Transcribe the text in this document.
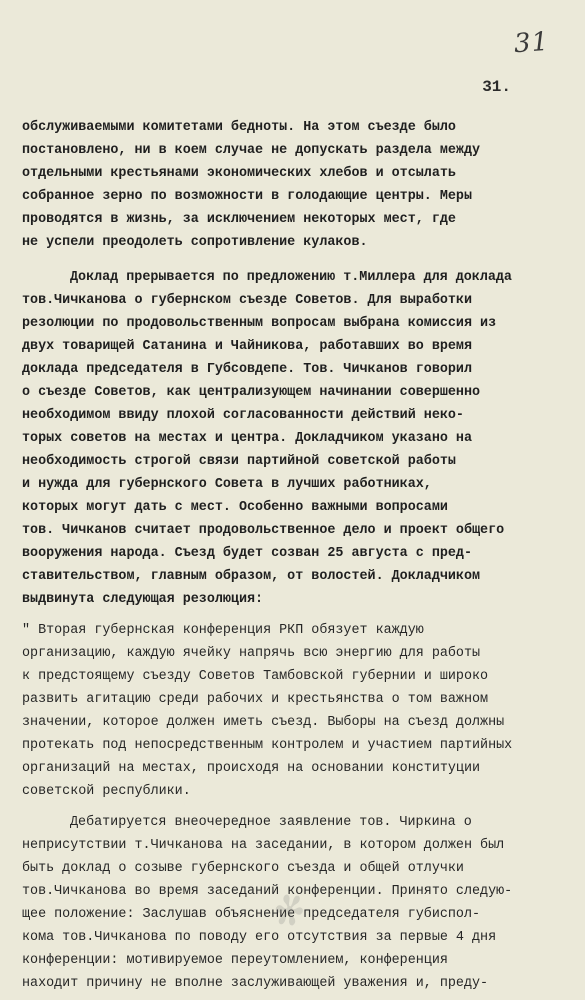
31
31.
обслуживаемыми комитетами бедноты. На этом съезде было
постановлено, ни в коем случае не допускать раздела между
отдельными крестьянами экономических хлебов и отсылать
собранное зерно по возможности в голодающие центры. Меры
проводятся в жизнь, за исключением некоторых мест, где
не успели преодолеть сопротивление кулаков.
Доклад прерывается по предложению т.Миллера для доклада
тов.Чичканова о губернском съезде Советов. Для выработки
резолюции по продовольственным вопросам выбрана комиссия из
двух товарищей Сатанина и Чайникова, работавших во время
доклада председателя в Губсовдепе. Тов. Чичканов говорил
о съезде Советов, как централизующем начинании совершенно
необходимом ввиду плохой согласованности действий неко-
торых советов на местах и центра. Докладчиком указано на
необходимость строгой связи партийной советской работы
и нужда для губернского Совета в лучших работниках,
которых могут дать с мест. Особенно важными вопросами
тов. Чичканов считает продовольственное дело и проект общего
вооружения народа. Съезд будет созван 25 августа с пред-
ставительством, главным образом, от волостей. Докладчиком
выдвинута следующая резолюция:
" Вторая губернская конференция РКП обязует каждую
организацию, каждую ячейку напрячь всю энергию для работы
к предстоящему съезду Советов Тамбовской губернии и широко
развить агитацию среди рабочих и крестьянства о том важном
значении, которое должен иметь съезд. Выборы на съезд должны
протекать под непосредственным контролем и участием партийных
организаций на местах, происходя на основании конституции
советской республики.
Дебатируется внеочередное заявление тов. Чиркина о
неприсутствии т.Чичканова на заседании, в котором должен был
быть доклад о созыве губернского съезда и общей отлучки
тов.Чичканова во время заседаний конференции. Принято следую-
щее положение: Заслушав объяснение председателя губиспол-
кома тов.Чичканова по поводу его отсутствия за первые 4 дня
конференции: мотивируемое переутомлением, конференция
находит причину не вполне заслуживающей уважения и, преду-
✻
